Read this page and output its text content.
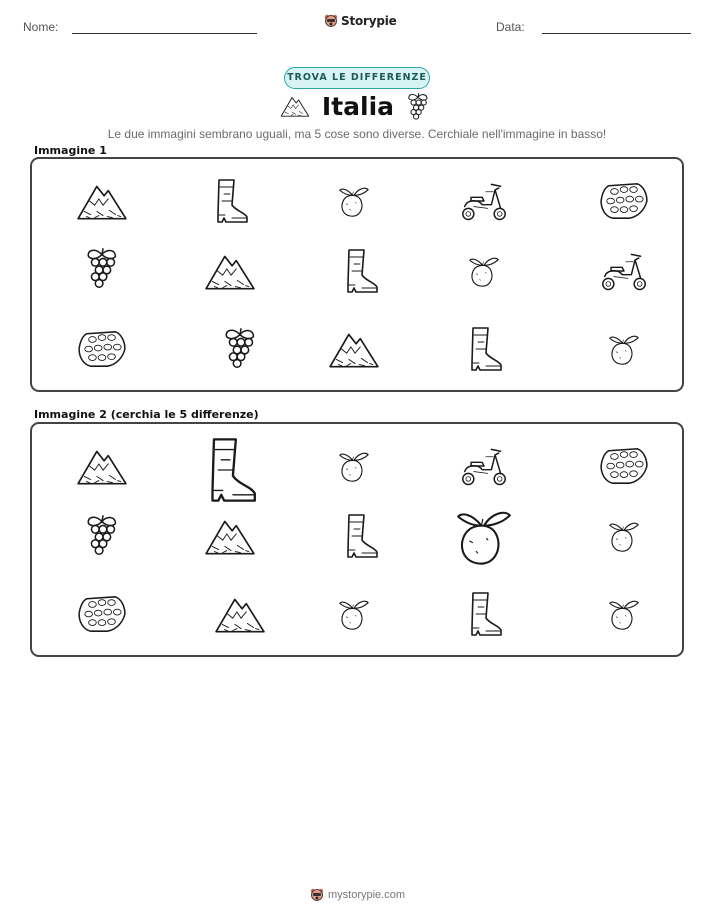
Nome:	Storypie	Data:
TROVA LE DIFFERENZE
Italia
Le due immagini sembrano uguali, ma 5 cose sono diverse. Cerchiale nell'immagine in basso!
Immagine 1
Immagine 2 (cerchia le 5 differenze)
mystorypie.com
